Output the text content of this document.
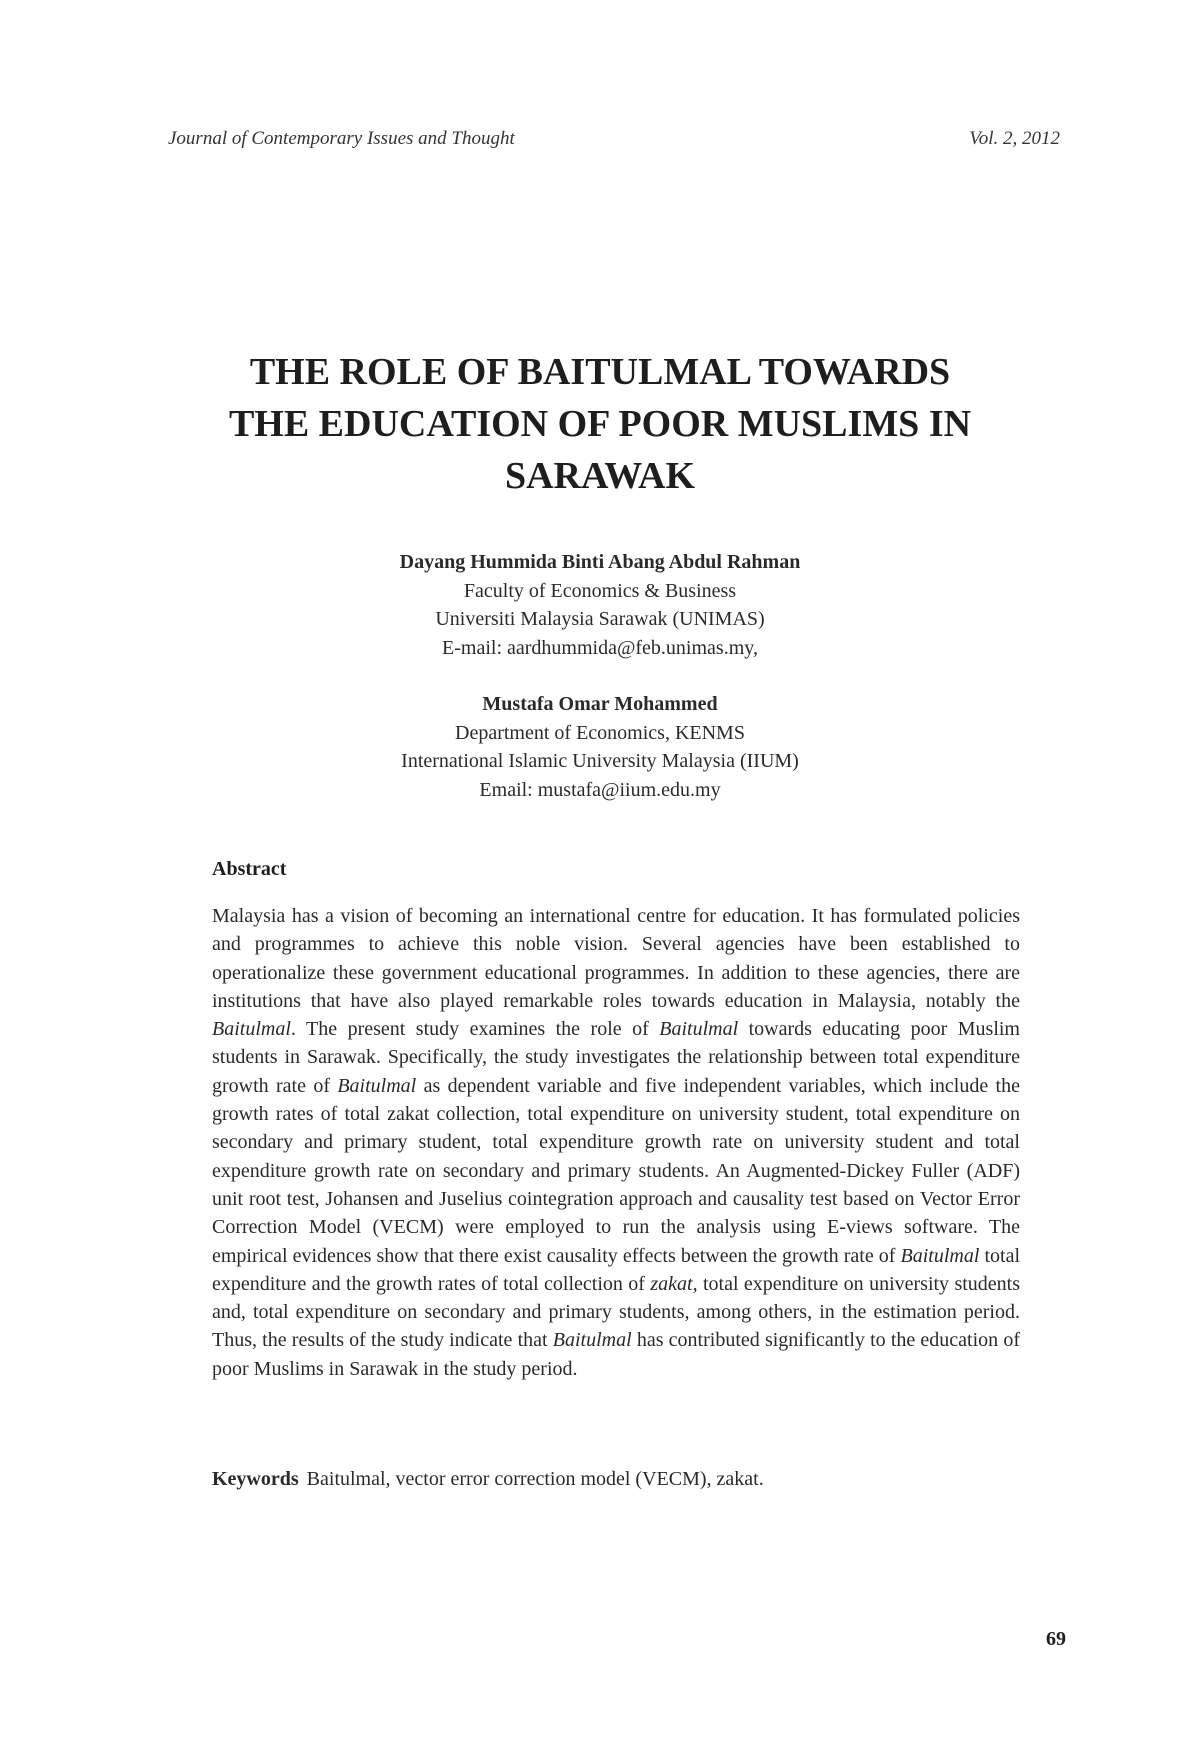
Journal of Contemporary Issues and Thought	Vol. 2, 2012
THE ROLE OF BAITULMAL TOWARDS
THE EDUCATION OF POOR MUSLIMS IN
SARAWAK
Dayang Hummida Binti Abang Abdul Rahman
Faculty of Economics & Business
Universiti Malaysia Sarawak (UNIMAS)
E-mail: aardhummida@feb.unimas.my,
Mustafa Omar Mohammed
Department of Economics, KENMS
International Islamic University Malaysia (IIUM)
Email: mustafa@iium.edu.my
Abstract
Malaysia has a vision of becoming an international centre for education. It has formulated policies and programmes to achieve this noble vision. Several agencies have been established to operationalize these government educational programmes. In addition to these agencies, there are institutions that have also played remarkable roles towards education in Malaysia, notably the Baitulmal. The present study examines the role of Baitulmal towards educating poor Muslim students in Sarawak. Specifically, the study investigates the relationship between total expenditure growth rate of Baitulmal as dependent variable and five independent variables, which include the growth rates of total zakat collection, total expenditure on university student, total expenditure on secondary and primary student, total expenditure growth rate on university student and total expenditure growth rate on secondary and primary students. An Augmented-Dickey Fuller (ADF) unit root test, Johansen and Juselius cointegration approach and causality test based on Vector Error Correction Model (VECM) were employed to run the analysis using E-views software. The empirical evidences show that there exist causality effects between the growth rate of Baitulmal total expenditure and the growth rates of total collection of zakat, total expenditure on university students and, total expenditure on secondary and primary students, among others, in the estimation period. Thus, the results of the study indicate that Baitulmal has contributed significantly to the education of poor Muslims in Sarawak in the study period.
Keywords Baitulmal, vector error correction model (VECM), zakat.
69
